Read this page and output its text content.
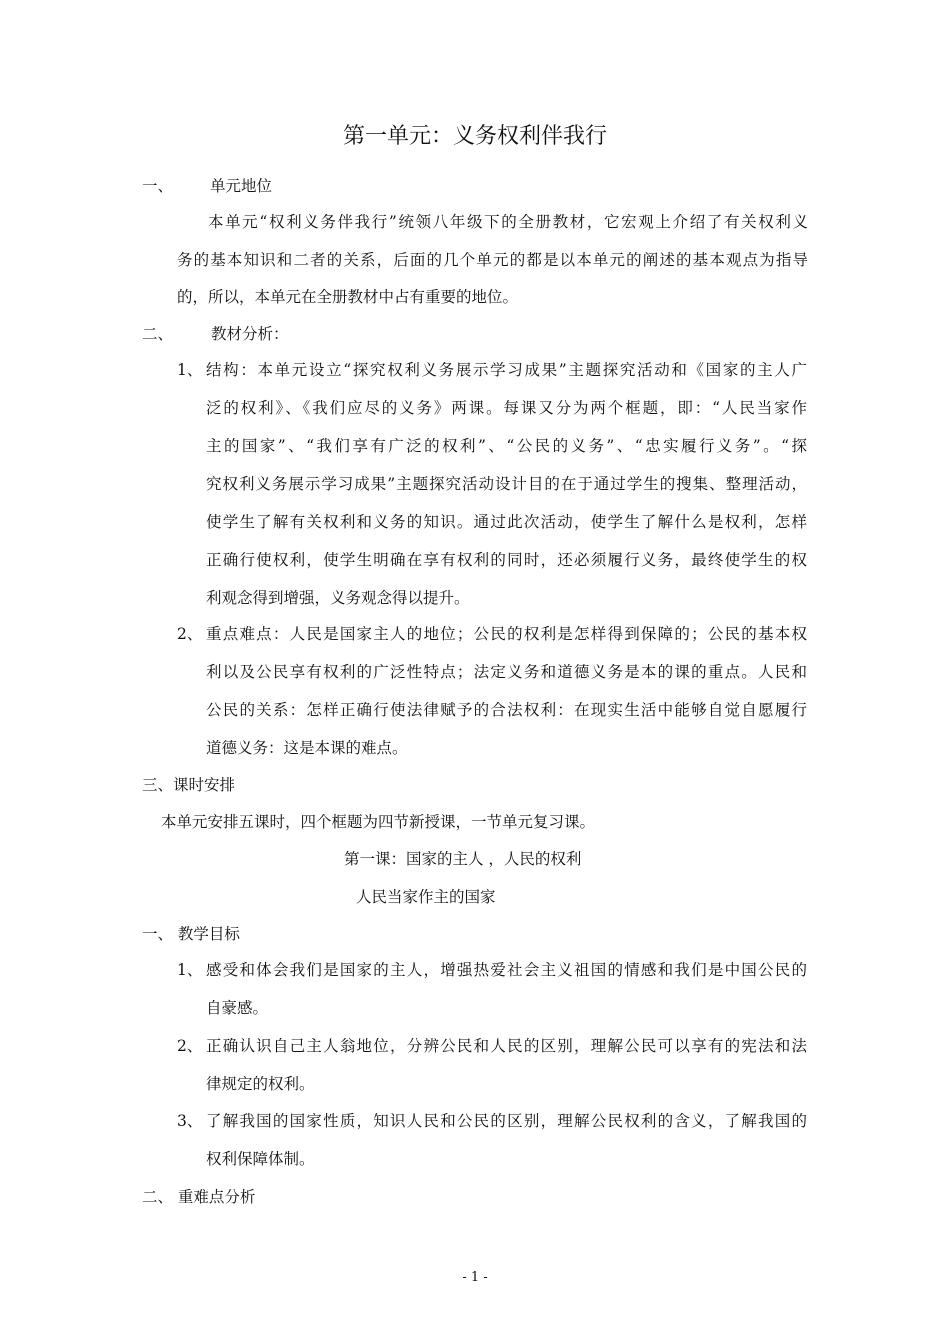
第一单元：义务权利伴我行
一、 单元地位
本单元“权利义务伴我行”统领八年级下的全册教材，它宏观上介绍了有关权利义
务的基本知识和二者的关系，后面的几个单元的都是以本单元的阐述的基本观点为指导
的，所以，本单元在全册教材中占有重要的地位。
二、 教材分析：
1、 结构：本单元设立“探究权利义务展示学习成果”主题探究活动和《国家的主人广
泛的权利》、《我们应尽的义务》两课。每课又分为两个框题，即：“人民当家作
主的国家”、“我们享有广泛的权利”、“公民的义务”、“忠实履行义务”。“探
究权利义务展示学习成果”主题探究活动设计目的在于通过学生的搜集、整理活动，
使学生了解有关权利和义务的知识。通过此次活动，使学生了解什么是权利，怎样
正确行使权利，使学生明确在享有权利的同时，还必须履行义务，最终使学生的权
利观念得到增强，义务观念得以提升。
2、 重点难点：人民是国家主人的地位；公民的权利是怎样得到保障的；公民的基本权
利以及公民享有权利的广泛性特点；法定义务和道德义务是本的课的重点。人民和
公民的关系：怎样正确行使法律赋予的合法权利：在现实生活中能够自觉自愿履行
道德义务：这是本课的难点。
三、课时安排
本单元安排五课时，四个框题为四节新授课，一节单元复习课。
第一课：国家的主人 ，人民的权利
人民当家作主的国家
一、 教学目标
1、 感受和体会我们是国家的主人，增强热爱社会主义祖国的情感和我们是中国公民的
自豪感。
2、 正确认识自己主人翁地位，分辨公民和人民的区别，理解公民可以享有的宪法和法
律规定的权利。
3、 了解我国的国家性质，知识人民和公民的区别，理解公民权利的含义，了解我国的
权利保障体制。
二、 重难点分析
- 1 -
